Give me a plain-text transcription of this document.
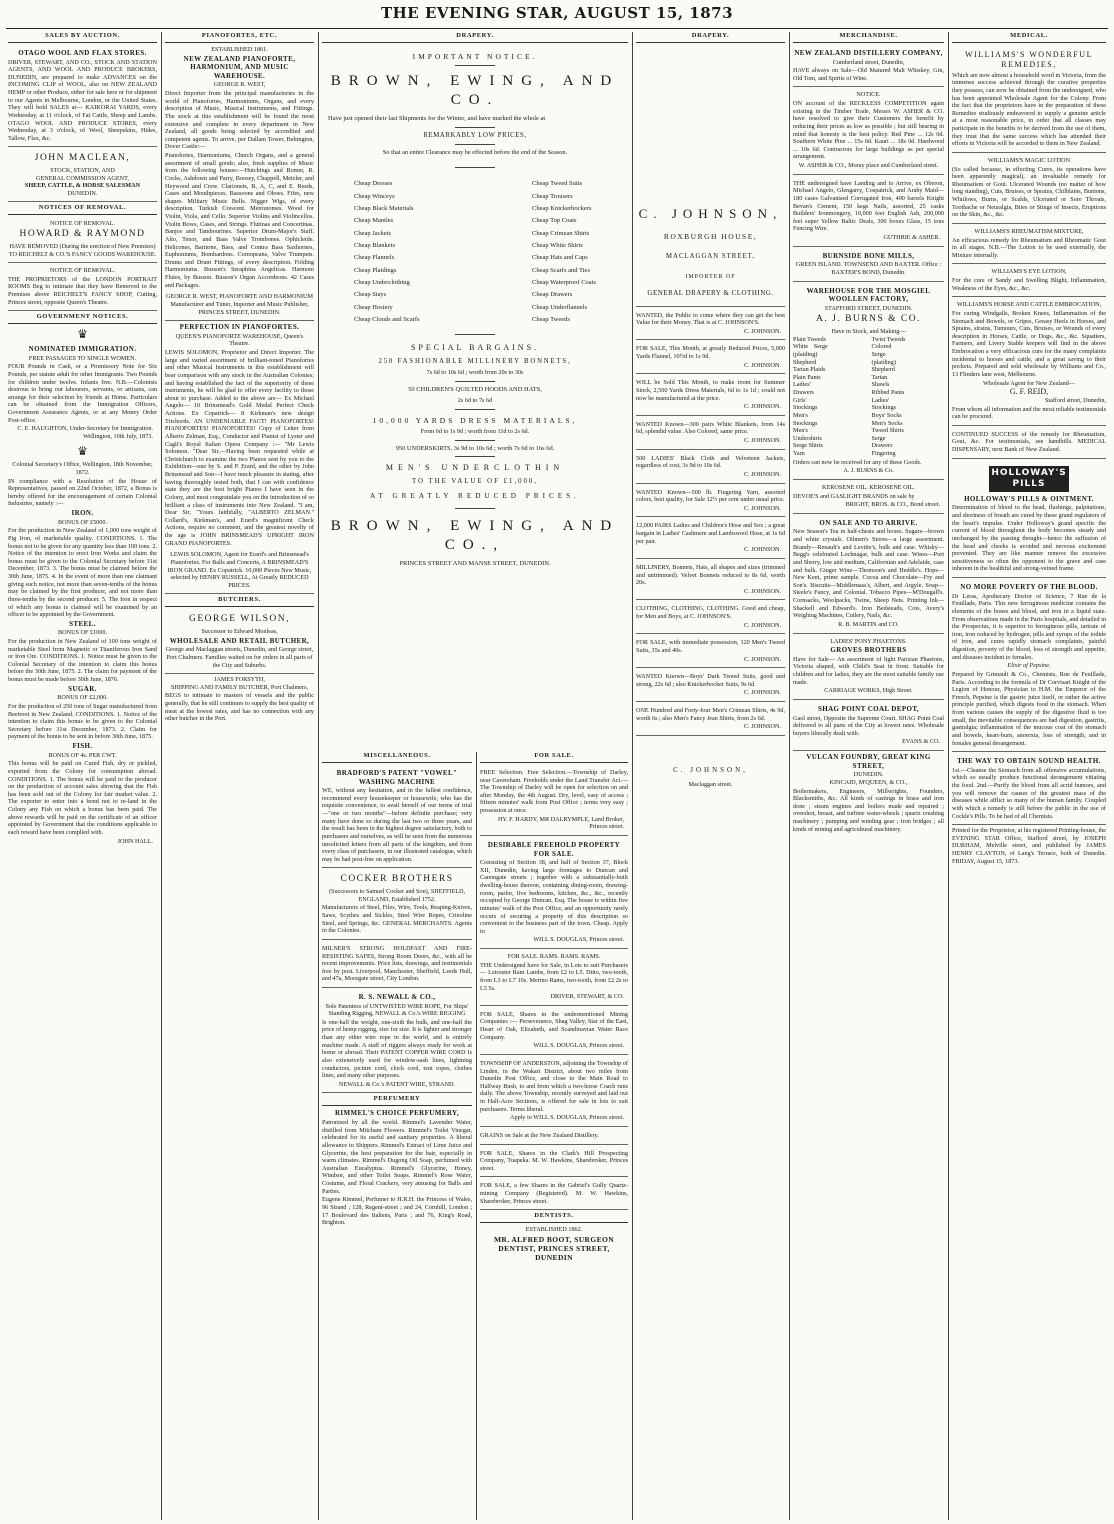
THE EVENING STAR, AUGUST 15, 1873
SALES BY AUCTION.
OTAGO WOOL AND FLAX STORES.

DRIVER, STEWART, AND CO., STOCK AND STATION AGENTS, AND WOOL AND PRODUCE BROKERS, DUNEDIN, are prepared to make ADVANCES on the INCOMING CLIP of WOOL, also on NEW ZEALAND HEMP or other Produce, either for sale here or for shipment to our Agents in Melbourne, London, or the United States. They will hold SALES at— KAIKORAI YARDS, every Wednesday, at 11 o'clock, of Fat Cattle, Sheep and Lambs. OTAGO WOOL AND PRODUCE STORES, every Wednesday, at 3 o'clock, of Wool, Sheepskins, Hides, Tallow, Flax, &c.

JOHN MACLEAN,
STOCK, STATION, AND
GENERAL COMMISSION AGENT,
SHEEP, CATTLE, & HORSE SALESMAN
DUNEDIN.
NOTICES OF REMOVAL.
NOTICE OF REMOVAL.
HOWARD & RAYMOND

HAVE REMOVED (During the erection of New Premises) TO REICHELT & CO.'S FANCY GOODS WAREHOUSE.

NOTICE OF REMOVAL.

THE PROPRIETORS of the LONDON PORTRAIT ROOMS Beg to intimate that they have Removed to the Premises above REICHELT'S FANCY SHOP, Cutting, Princes street, opposite Queen's Theatre.

GOVERNMENT NOTICES.
♛
NOMINATED IMMIGRATION.
FREE PASSAGES TO SINGLE WOMEN.

FOUR Pounds in Cash, or a Promissory Note for Six Pounds, per statute adult for other Immigrants. Two Pounds for children under twelve. Infants free. N.B.—Colonists desirous to bring out labourers, servants, or artisans, can arrange for their selection by friends at Home. Particulars can be obtained from the Immigration Officers, Government Assurance Agents, or at any Money Order Post-office.

C. E. HAUGHTON, Under-Secretary for Immigration. Wellington, 10th July, 1873.

♛

Colonial Secretary's Office, Wellington, 18th November, 1872.

IN compliance with a Resolution of the House of Representatives, passed on 22nd October, 1872, a Bonus is hereby offered for the encouragement of certain Colonial Industries, namely :—

IRON.
BONUS OF £5000.

For the production in New Zealand of 1,000 tons weight of Pig Iron, of marketable quality. CONDITIONS. 1. The bonus not to be given for any quantity less than 100 tons. 2. Notice of the intention to erect Iron Works and claim the bonus must be given to the Colonial Secretary before 31st December, 1873. 3. The bonus must be claimed before the 30th June, 1875. 4. In the event of more than one claimant giving such notice, not more than seven-tenths of the bonus may be claimed by the first producer, and not more than three-tenths by the second producer. 5. The Iron in respect of which any bonus is claimed will be examined by an officer to be appointed by the Government.

STEEL.
BONUS OF £1000.

For the production in New Zealand of 100 tons weight of marketable Steel from Magnetic or Titaniferous Iron Sand or Iron Ore. CONDITIONS. 1. Notice must be given to the Colonial Secretary of the intention to claim this bonus before the 30th June, 1875. 2. The claim for payment of the bonus must be made before 30th June, 1876.

SUGAR.
BONUS OF £2,000.

For the production of 250 tons of Sugar manufactured from Beetroot in New Zealand. CONDITIONS. 1. Notice of the intention to claim this bonus to be given to the Colonial Secretary before 31st December, 1873. 2. Claim for payment of the bonus to be sent in before 30th June, 1875.

FISH.
BONUS OF 4s. PER CWT.

This bonus will be paid on Cured Fish, dry or pickled, exported from the Colony for consumption abroad. CONDITIONS. 1. The bonus will be paid to the producer on the production of account sales showing that the Fish has been sold out of the Colony for fair market value. 2. The exporter to enter into a bond not to re-land in the Colony any Fish on which a bonus has been paid. The above rewards will be paid on the certificate of an officer appointed by Government that the conditions applicable to each reward have been complied with.

JOHN HALL.

PIANOFORTES, ETC.
ESTABLISHED 1861.
NEW ZEALAND PIANOFORTE, HARMONIUM, AND MUSIC WAREHOUSE.
GEORGE R. WEST,

Direct Importer from the principal manufactories in the world of Pianofortes, Harmoniums, Organs, and every description of Music, Musical Instruments, and Fittings. The stock at this establishment will be found the most extensive and complete in every department in New Zealand, all goods being selected by accredited and competent agents. To arrive, per Dallam Tower, Bebington, Dover Castle:—

Pianofortes, Harmoniums, Church Organs, and a general assortment of small goods; also, fresh supplies of Music from the following houses:—Hutchings and Romer, R. Cocks, Ashdown and Parry, Boosey, Chappell, Metzler, and Heywood and Crew. Clarionets, B, A, C, and E. Reeds, Cases and Mouthpieces. Bassoons and Oboes. Fifes, new shapes. Military Music Bells. Nigger Wigs, of every description. Turkish Crescent. Metronomes. Wood for Violin, Viola, and Cello. Superior Violins and Violincellos. Violin Bows, Cases, and Strings. Flutinas and Concertinas. Banjos and Tambourines. Superior Drum-Major's Staff. Alto, Tenor, and Bass Valve Trombones. Ophicleide. Helicones, Baritone, Bass, and Contra Bass Saxhornes, Euphoniums, Bombardons. Cornopeans, Valve Trumpets. Drums and Drum Fittings, of every description. Folding Harmoniums. Busson's Seraphina Angelicas. Harmoni Flutes, by Busson. Busson's Organ Accordeons. 42 Cases and Packages.

GEORGE R. WEST, PIANOFORTE AND HARMONIUM Manufacturer and Tuner, Importer and Music Publisher, PRINCES STREET, DUNEDIN.

PERFECTION IN PIANOFORTES.
QUEEN'S PIANOFORTE WAREHOUSE, Queen's Theatre.

LEWIS SOLOMON, Proprietor and Direct Importer. The large and varied assortment of brilliant-toned Pianofortes and other Musical Instruments in this establishment will bear comparison with any stock in the Australian Colonies; and having established the fact of the superiority of these instruments, he will be glad to offer every facility to those about to purchase. Added to the above are— Ex Michael Angelo— 10 Brinsmead's Gold Medal Perfect Check Actions. Ex Copatrick— 8 Kirkman's new design Trichords. AN UNDENIABLE FACT! PIANOFORTES! PIANOFORTES! PIANOFORTES! Copy of Letter from Alberto Zelman, Esq., Conductor and Pianist of Lyster and Cagli's Royal Italian Opera Company :— "Mr Lewis Solomon. "Dear Sir,—Having been requested while at Christchurch to examine the two Pianos sent by you to the Exhibition—one by S. and P. Erard, and the other by John Brinsmead and Son—I have much pleasure in stating, after having thoroughly tested both, that I can with confidence state they are the best bright Pianos I have seen in the Colony, and most congratulate you on the introduction of so brilliant a class of instruments into New Zealand. "I am, Dear Sir, "Yours faithfully, "ALBERTO ZELMAN." Collard's, Kirkman's, and Erard's magnificent Check Actions, require no comment, and the greatest novelty of the age is JOHN BRINSMEAD'S UPRIGHT IRON GRAND PIANOFORTES.

LEWIS SOLOMON, Agent for Erard's and Brinsmead's Pianofortes. For Balls and Concerts, A BRINSMEAD'S IRON GRAND. Ex Copatrick. 10,000 Pieces New Music, selected by HENRY RUSSELL, At Greatly REDUCED PRICES.

BUTCHERS.
GEORGE WILSON,
Successor to Edward Monleas,
WHOLESALE AND RETAIL BUTCHER,

George and Maclaggan streets, Dunedin, and George street, Port Chalmers. Families waited on for orders in all parts of the City and Suburbs.

JAMES FORSYTH,
SHIPPING AND FAMILY BUTCHER, Port Chalmers,

BEGS to intimate to masters of vessels and the public generally, that he still continues to supply the best quality of meat at the lowest rates, and has no connection with any other butcher in the Port.

DRAPERY.
IMPORTANT NOTICE.
BROWN, EWING, AND CO.

Have just opened their last Shipments for the Winter, and have marked the whole at

REMARKABLY LOW PRICES,
So that an entire Clearance may be effected before the end of the Season.
Cheap Dresses
Cheap Winceys
Cheap Black Materials
Cheap Mantles
Cheap Jackets
Cheap Blankets
Cheap Flannels
Cheap Plaidings
Cheap Underclothing
Cheap Stays
Cheap Hosiery
Cheap Clouds and Scarfs
Cheap Tweed Suits
Cheap Trousers
Cheap Knickerbockers
Cheap Top Coats
Cheap Crimean Shirts
Cheap White Shirts
Cheap Hats and Caps
Cheap Scarfs and Ties
Cheap Waterproof Coats
Cheap Drawers
Cheap Underflannels
Cheap Tweeds
SPECIAL BARGAINS.
250 FASHIONABLE MILLINERY BONNETS,
7s 6d to 10s 6d ; worth from 20s to 30s
50 CHILDREN'S QUILTED HOODS AND HATS,
2s 6d to 7s 6d
10,000 YARDS DRESS MATERIALS,
From 6d to 1s 9d ; worth from 11d to 2s 6d.
950 UNDERSKIRTS, 3s 9d to 10s 6d ; worth 7s 6d to 16s 6d.
MEN'S UNDERCLOTHIN
TO THE VALUE OF £1,000,
AT GREATLY REDUCED PRICES.
BROWN, EWING, AND CO.,
PRINCES STREET AND MANSE STREET, DUNEDIN.
MISCELLANEOUS.
BRADFORD'S PATENT "VOWEL" WASHING MACHINE

WE, without any hesitation, and in the fullest confidence, recommend every housekeeper or housewife, who has the requisite convenience, to avail herself of our terms of trial—"one or two months"—before definite purchase; very many have done so during the last two or three years, and the result has been in the highest degree satisfactory, both to purchasers and ourselves, as will be seen from the numerous unsolicited letters from all parts of the kingdom, and from every class of purchasers, in our illustrated catalogue, which may be had post-free on application.

COCKER BROTHERS

(Successors to Samuel Cocker and Son), SHEFFIELD, ENGLAND, Established 1752.

Manufacturers of Steel, Files, Wire, Tools, Reaping-Knives, Saws, Scythes and Sickles, Steel Wire Ropes, Crinoline Steel, and Springs, &c. GENERAL MERCHANTS. Agents in the Colonies.

MILNER'S STRONG HOLDFAST AND FIRE-RESISTING SAFES, Strong Room Doors, &c., with all he recent improvements. Price lists, drawings, and testimonials free by post. Liverpool, Manchester, Sheffield, Leeds Hull, and 47a, Moorgate street, City London.

R. S. NEWALL & CO.,

Sole Patentees of UNTWISTED WIRE ROPE, For Ships' Standing Rigging, NEWALL & Co.'s WIRE RIGGING

Is one-half the weight, one-sixth the bulk, and one-half the price of hemp rigging, size for size. It is lighter and stronger than any other wire rope in the world, and is entirely machine made. A staff of riggers always ready for work at home or abroad. Their PATENT COPPER WIRE CORD Is also extensively used for window-sash lines, lightning conductors, picture cord, clock cord, tent ropes, clothes lines, and many other purposes.

NEWALL & Co.'s PATENT WIRE, STRAND.

PERFUMERY
RIMMEL'S CHOICE PERFUMERY,

Patronised by all the world. Rimmel's Lavender Water, distilled from Mitcham Flowers. Rimmel's Toilet Vinegar, celebrated for its useful and sanitary properties. A liberal allowance to Shippers. Rimmel's Extract of Lime Juice and Glycerine, the best preparation for the hair, especially in warm climates. Rimmel's Dugong Oil Soap, perfumed with Australian Eucalyptus. Rimmel's Glycerine, Honey, Windsor, and other Toilet Soaps. Rimmel's Rose Water, Costume, and Floral Crackers, very amusing for Balls and Parties.

Eugene Rimmel, Perfumer to H.R.H. the Princess of Wales, 96 Strand ; 128, Regent-street ; and 24, Cornhill, London ; 17 Boulevard des Italiens, Paris ; and 76, King's Road, Brighton.

FOR SALE.

FREE Selection. Free Selection.—Township of Darley, near Caversham. Freeholds under the Land Transfer Act.—The Township of Darley will be open for selection on and after Monday, the 4th August. Dry, level, easy of access ; fifteen minutes' walk from Post Office ; terms very easy ; possession at once.

HY. F. HARDY, MR DALRYMPLE, Land Broker, Princes street.

DESIRABLE FREEHOLD PROPERTY FOR SALE.

Consisting of Section 38, and half of Section 37, Block XII, Dunedin, having large frontages to Duncan and Canongate streets ; together with a substantially-built dwelling-house thereon, containing dining-room, drawing-room, parlor, five bedrooms, kitchen, &c., &c., recently occupied by George Duncan, Esq. The house is within five minutes' walk of the Post Office, and an opportunity rarely occurs of securing a property of this description so convenient to the business part of the town. Cheap. Apply to

WILL S. DOUGLAS, Princes street.

FOR SALE. RAMS. RAMS. RAMS.

THE Undersigned have for Sale, in Lots to suit Purchasers— Leicester Ram Lambs, from £2 to L5. Ditto, two-tooth, from L3 to L7 10s. Merino Rams, two-tooth, from £2 2s to L5 5s.

DRIVER, STEWART, & CO.

FOR SALE, Shares in the undermentioned Mining Companies :— Perseverance, Shag Valley, Star of the East, Heart of Oak, Elizabeth, and Scandinavian Water Race Company.

WILL S. DOUGLAS, Princes street.

TOWNSHIP OF ANDERSTON, adjoining the Township of Linden, in the Wakari District, about two miles from Dunedin Post Office, and close to the Main Road to Halfway Bush, to and from which a two-horse Coach runs daily. The above Township, recently surveyed and laid out in Half-Acre Sections, is offered for sale in lots to suit purchasers. Terms liberal.

Apply to WILL S. DOUGLAS, Princes street.

GRAINS on Sale at the New Zealand Distillery.

FOR SALE, Shares in the Clark's Hill Prospecting Company, Tuapeka. M. W. Hawkins, Sharebroker, Princes street.

FOR SALE, a few Shares in the Gabriel's Gully Quartz-mining Company (Registered). M. W. Hawkins, Sharebroker, Princes street.

DENTISTS.
ESTABLISHED 1862.
MR. ALFRED BOOT, SURGEON DENTIST, PRINCES STREET, DUNEDIN
DRAPERY.
C. JOHNSON,
ROXBURGH HOUSE,
MACLAGGAN STREET,
IMPORTER OF
GENERAL DRAPERY & CLOTHING.

WANTED, the Public to come where they can get the best Value for their Money. That is at C. JOHNSON'S.

C. JOHNSON.

FOR SALE, This Month, at greatly Reduced Prices, 5,000 Yards Flannel, 10½d to 1s 9d.

C. JOHNSON.

WILL be Sold This Month, to make room for Summer Stock, 2,500 Yards Dress Materials, 6d to 1s 1d ; could not now be manufactured at the price.

C. JOHNSON.

WANTED Known—300 pairs White Blankets, from 14s 6d, splendid value. Also Colored, same price.

C. JOHNSON.

500 LADIES' Black Cloth and Velveteen Jackets, regardless of cost, 3s 9d to 10s 6d.

C. JOHNSON.

WANTED Known—500 lb. Fingering Yarn, assorted colors, best quality, for Sale 12½ per cent under usual price.

C. JOHNSON.

12,000 PAIRS Ladies and Children's Hose and Sox ; a great bargain in Ladies' Cashmere and Lambswool Hose, at 1s 6d per pair.

C. JOHNSON.

MILLINERY, Bonnets, Hats, all shapes and sizes (trimmed and untrimmed). Velvet Bonnets reduced to 8s 6d, worth 20s.

C. JOHNSON.

CLOTHING, CLOTHING, CLOTHING. Good and cheap, for Men and Boys, at C. JOHNSON'S.

C. JOHNSON.

FOR SALE, with immediate possession, 120 Men's Tweed Suits, 35s and 40s.

C. JOHNSON.

WANTED Known—Boys' Dark Tweed Suits, good and strong, 22s 6d ; also Knickerbocker Suits, 9s 6d.

C. JOHNSON.

ONE Hundred and Forty-four Men's Crimean Shirts, 4s 9d, worth 6s ; also Men's Fancy Jean Shirts, from 2s 6d.

C. JOHNSON.

C. JOHNSON,
Maclaggan street.
MERCHANDISE.
NEW ZEALAND DISTILLERY COMPANY,
Cumberland street, Dunedin,

HAVE always on Sale—Old Matured Malt Whiskey, Gin, Old Tom, and Spirits of Wine.

NOTICE.

ON account of the RECKLESS COMPETITION again existing in the Timber Trade, Messrs W. ASHER & CO. have resolved to give their Customers the benefit by reducing their prices as low as possible ; but still bearing in mind that honesty is the best policy. Red Pine ... 12s 0d. Southern White Pine ... 15s 0d. Kauri ... 18s 0d. Hardwood ... 10s 6d. Contractors for large buildings as per special arrangement.

W. ASHER & CO., Moray place and Cumberland street.

THE undersigned have Landing and to Arrive, ex Oberon, Michael Angelo, Glengarry, Cospatrick, and Araby Maid— 180 cases Galvanised Corrugated Iron, 400 barrels Knight Bevan's Cement, 150 kegs Nails, assorted, 25 casks Builders' Ironmongery, 10,000 feet English Ash, 200,000 feet super Yellow Baltic Deals, 300 boxes Glass, 15 tons Fencing Wire.

GUTHRIE & ASHER.

BURNSIDE BONE MILLS,

GREEN ISLAND. TOWNSEND AND BAXTER. Office : BAXTER'S BOND, Dunedin.

WAREHOUSE FOR THE MOSGIEL WOOLLEN FACTORY,
STAFFORD STREET, DUNEDIN.
A. J. BURNS & CO.
Have in Stock, and Making—
Plain Tweeds
White Serge (plaiding)
Shepherd Tartan Plaids
Plain Pants
Ladies' Drawers
Girls' Stockings
Men's Stockings
Men's Undershirts
Serge Shirts
Yarn
Twist Tweeds
Colored Serge (plaiding)
Shepherd Tartan Shawls
Ribbed Pants
Ladies' Stockings
Boys' Socks
Men's Socks
Tweed Shirts
Serge Drawers
Fingering

Orders can now be received for any of these Goods.

A. J. BURNS & Co.

KEROSENE OIL. KEROSENE OIL.

DEVOE'S and GASLIGHT BRANDS on sale by

BRIGHT, BROS. & CO., Bond street.

ON SALE AND TO ARRIVE.

New Season's Tea in half-chests and boxes. Sugars—brown and white crystals. Oilmen's Stores—a large assortment. Brandy—Renault's and Levitte's, bulk and case. Whisky—Begg's celebrated Lochnagar, bulk and case. Wines—Port and Sherry, low and medium, Californian and Adelaide, case and bulk. Ginger Wine—Thomson's and Heddle's. Hops—New Kent, prime sample. Cocoa and Chocolate—Fry and Son's. Biscuits—Middlemass's, Albert, and Argyle. Soap—Steele's Fancy, and Colonial. Tobacco Pipes—M'Dougall's. Cornsacks, Woolpacks, Twine, Sheep Nets. Printing Ink—Shackell and Edward's. Iron Bedsteads, Cots, Avery's Weighing Machines, Cutlery, Nails, &c.

R. B. MARTIN and CO.

LADIES' PONY PHAETONS.
GROVES BROTHERS

Have for Sale— An assortment of light Parisian Phaetons, Victoria shaped, with Child's Seat in front. Suitable for children and for ladies, they are the most suitable family use made.

CARRIAGE WORKS, High Street.

SHAG POINT COAL DEPOT,

Gaol street, Opposite the Supreme Court. SHAG Point Coal delivered to all parts of the City at lowest rates. Wholesale buyers liberally dealt with.

EVANS & CO.

VULCAN FOUNDRY, GREAT KING STREET,
DUNEDIN.
KINCAID, M'QUEEN, & CO.,

Boilermakers, Engineers, Millwrights, Founders, Blacksmiths, &c. All kinds of castings in brass and iron done ; steam engines and boilers made and repaired ; overshot, breast, and turbine water-wheels ; quartz crushing machinery ; pumping and winding gear ; iron bridges ; all kinds of mining and agricultural machinery.

MEDICAL.
WILLIAMS'S WONDERFUL REMEDIES,

Which are now almost a household word in Victoria, from the immense success achieved through the curative properties they possess, can now be obtained from the undersigned, who has been appointed Wholesale Agent for the Colony. From the fact that the proprietors have in the preparation of these Remedies studiously endeavored to supply a genuine article at a most reasonable price, in order that all classes may participate in the benefits to be derived from the use of them, they trust that the same success which has attended their efforts in Victoria will be accorded to them in New Zealand.

WILLIAMS'S MAGIC LOTION

(So called because, in effecting Cures, its operations have been apparently magical), an invaluable remedy for Rheumatism or Gout. Ulcerated Wounds (no matter of how long standing), Cuts, Bruises, or Sprains, Chilblains, Bunions, Whitlows, Burns, or Scalds, Ulcerated or Sore Throats, Toothache or Neuralgia, Bites or Stings of Insects, Eruptions on the Skin, &c., &c.

WILLIAMS'S RHEUMATISM MIXTURE,

An efficacious remedy for Rheumatism and Rheumatic Gout in all stages. N.B.—The Lotion to be used externally, the Mixture internally.

WILLIAMS'S EYE LOTION,

For the cure of Sandy and Swelling Blight, Inflammation, Weakness of the Eyes, &c., &c.

WILLIAMS'S HORSE AND CATTLE EMBROCATION,

For curing Windgalls, Broken Knees, Inflammation of the Stomach and Bowels, or Gripes, Greasy Heels in Horses, and Sprains, strains, Tumours, Cuts, Bruises, or Wounds of every description in Horses, Cattle, or Dogs, &c., &c. Squatters, Farmers, and Livery Stable keepers will find in the above Embrocation a very efficacious cure for the many complaints incidental to horses and cattle, and a great saving to their pockets. Prepared and sold wholesale by Williams and Co., 13 Flinders lane west, Melbourne.

Wholesale Agent for New Zealand—
G. F. REID,
Stafford street, Dunedin,

From whom all information and the most reliable testimonials can be procured.

CONTINUED SUCCESS of the remedy for Rheumatism, Gout, &c. For testimonials, see handbills. MEDICAL DISPENSARY, next Bank of New Zealand.

HOLLOWAY'S PILLS
HOLLOWAY'S PILLS & OINTMENT.

Determination of blood to the head, flushings, palpitations, and shortness of breath are cured by these grand regulators of the heart's impulse. Under Holloway's grand specific the current of blood throughout the body becomes steady and unchanged by the passing thought—hence the suffusion of the head and cheeks is avoided and nervous excitement prevented. They are like manner remove the excessive sensitiveness so often the opponent to the grave and case inherent in the healthful and strong-veined frame.

NO MORE POVERTY OF THE BLOOD.

Dr Leras, Apothecary Doctor of Science, 7 Rue de la Feuillade, Paris. This new ferruginous medicine contains the elements of the bones and blood, and iron in a liquid state. From observations made in the Paris hospitals, and detailed in the Prospectus, it is superior to ferruginous pills, tartrate of iron, iron reduced by hydrogen, pills and syrups of the iodide of iron, and cures rapidly stomach complaints, painful digestion, poverty of the blood, loss of strength and appetite, and diseases incident to females.

Elixir of Pepsine.

Prepared by Grimault & Co., Chemists, Rue de Feuillade, Paris. According to the formula of Dr Corvisart Knight of the Legion of Honour, Physician to H.M. the Emperor of the French, Pepsine is the gastric juice itself, or rather the active principle purified, which digests food in the stomach. When from various causes the supply of the digestive fluid is too small, the inevitable consequences are bad digestion, gastritis, gastralgia; inflammation of the mucous coat of the stomach and bowels, heart-burn, anorexia, loss of strength, and in females general derangement.

THE WAY TO OBTAIN SOUND HEALTH.

1st.—Cleanse the Stomach from all offensive accumulations, which so usually produce functional derangement vitiating the food. 2nd.—Purify the blood from all acrid humors, and you will remove the causes of the greatest mass of the diseases while afflict so many of the human family. Coupled with which a remedy is still before the public in the use of Cockle's Pills. To be had of all Chemists.

Printed for the Proprietor, at his registered Printing-house, the EVENING STAR Office, Stafford street, by JOSEPH DURHAM, Melville street, and published by JAMES HENRY CLAYTON, of Lang's Terrace, both of Dunedin. FRIDAY, August 15, 1873.
